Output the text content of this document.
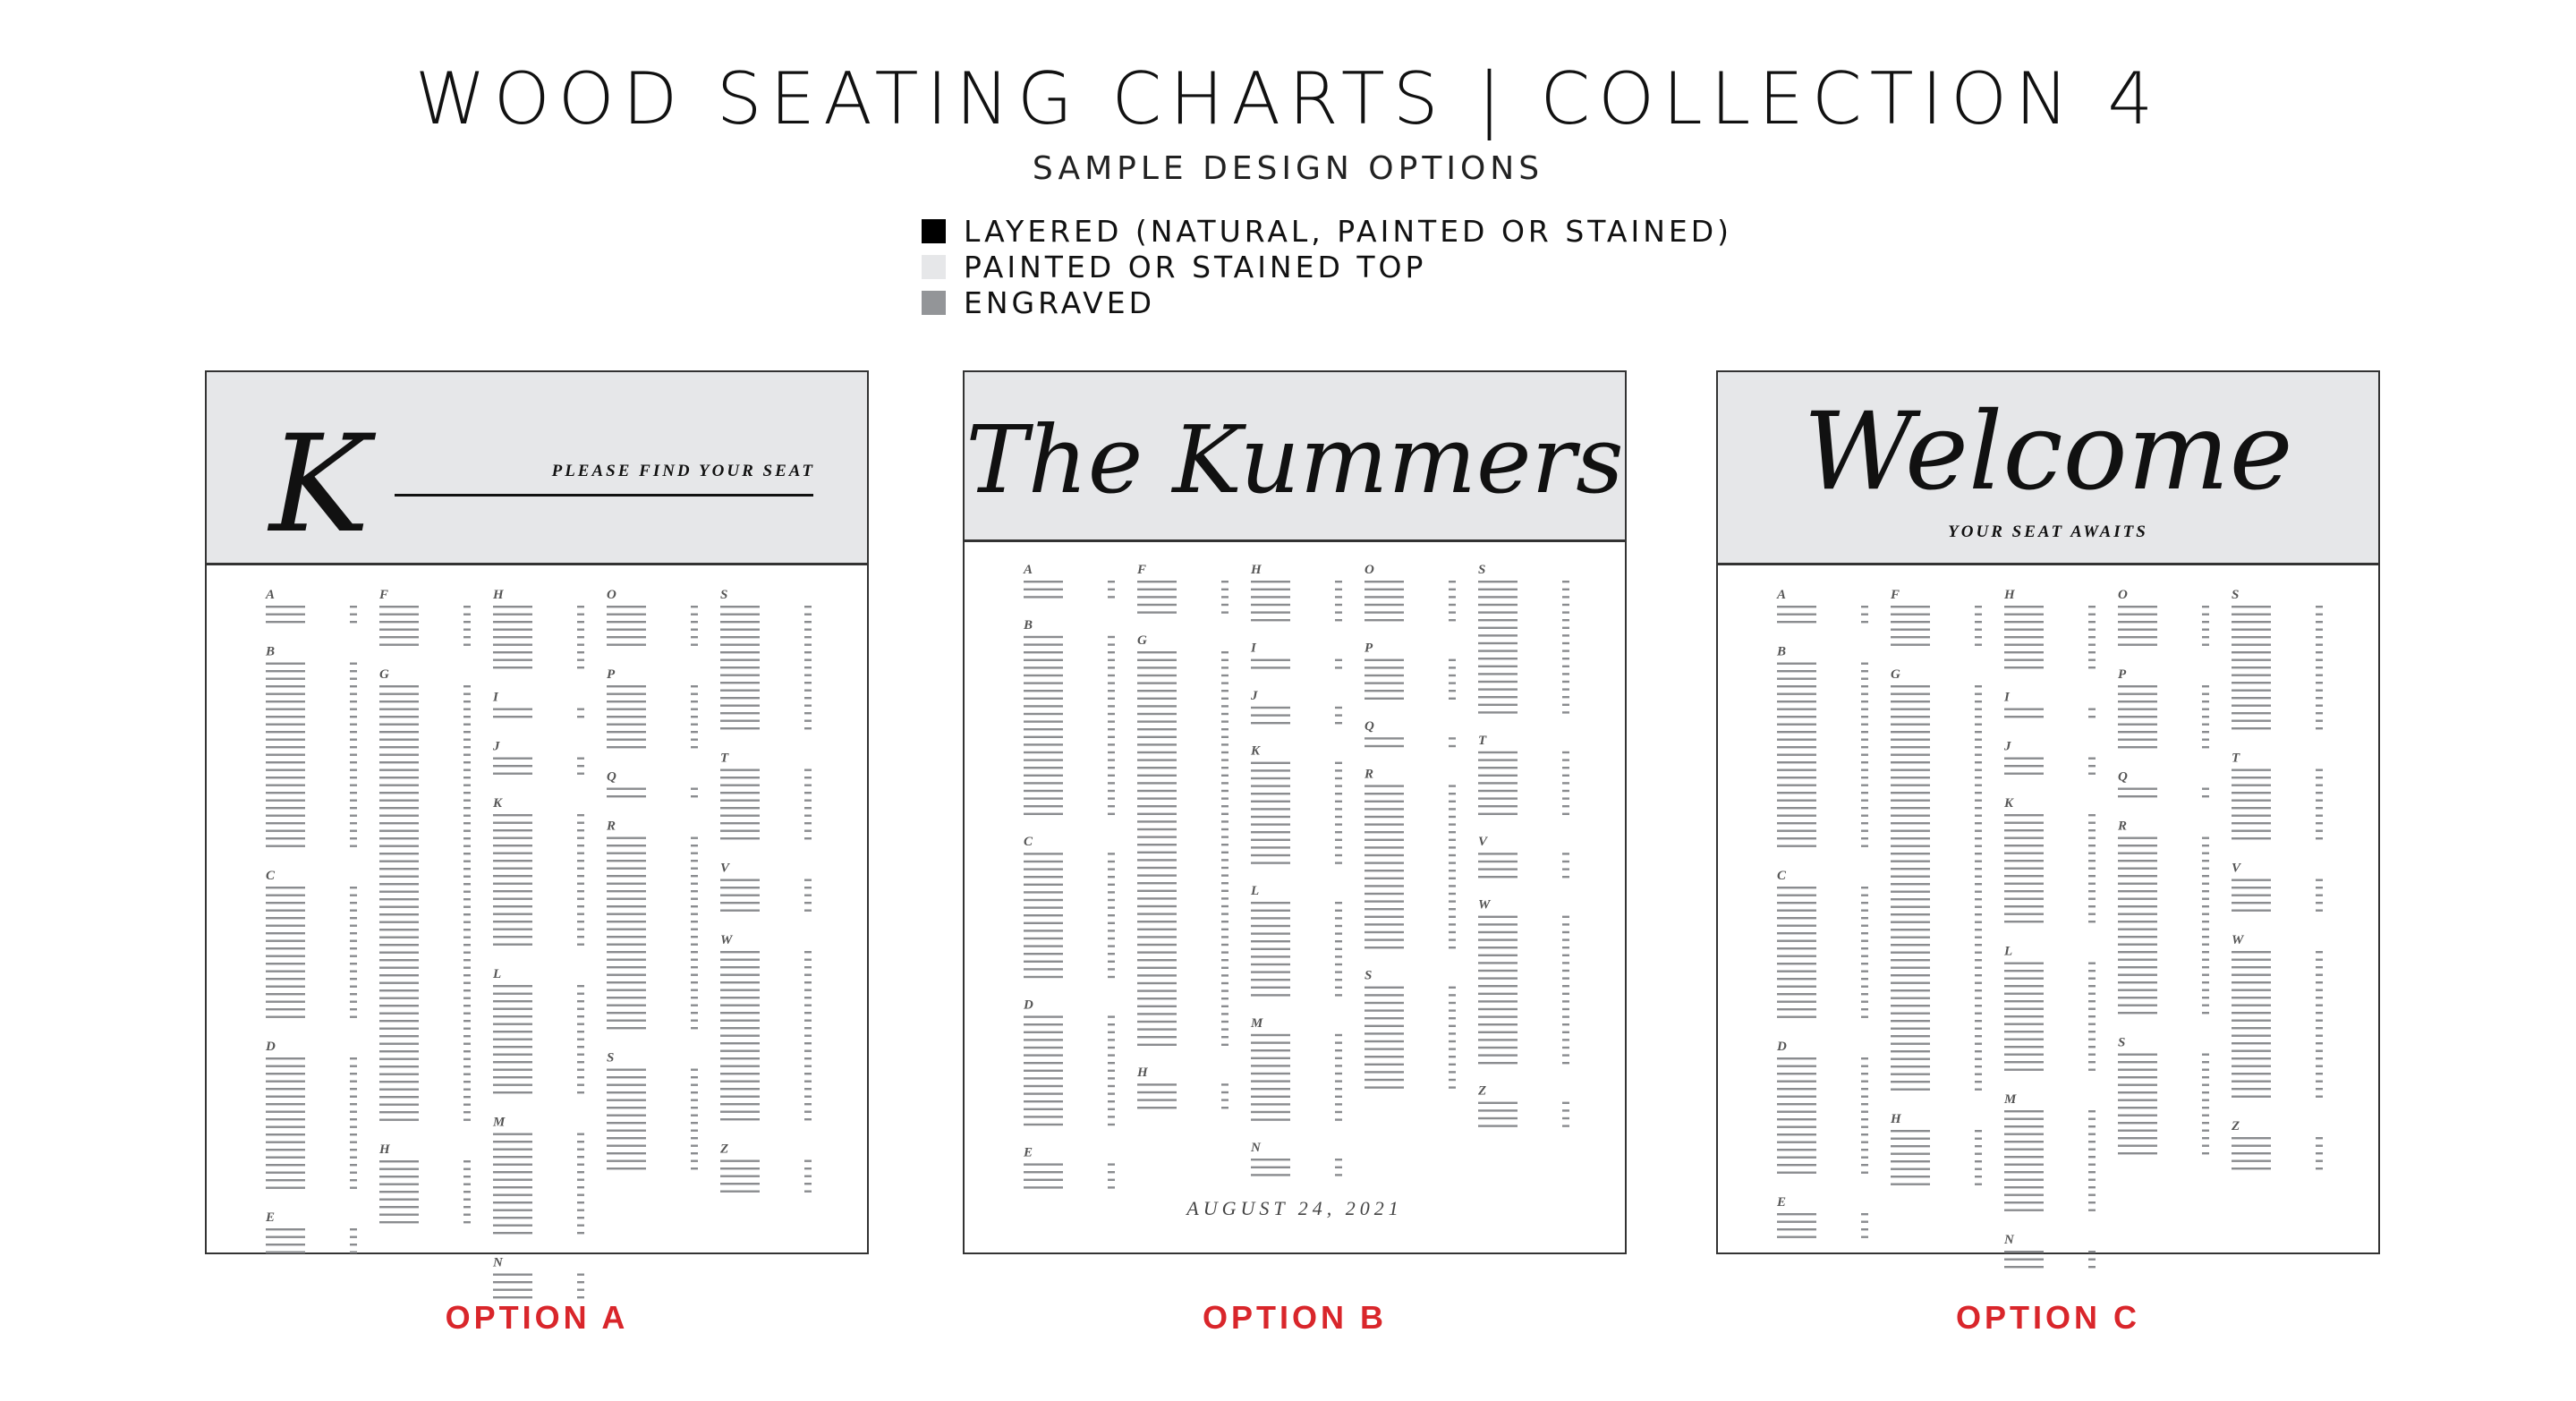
WOOD SEATING CHARTS | COLLECTION 4
SAMPLE DESIGN OPTIONS
LAYERED (NATURAL, PAINTED OR STAINED)
PAINTED OR STAINED TOP
ENGRAVED
K	PLEASE FIND YOUR SEAT
A
B
C
D
E
F
G
H
H
I
J
K
L
M
N
O
P
Q
R
S
S
T
V
W
Z
The Kummers
A
B
C
D
E
F
G
H
H
I
J
K
L
M
N
O
P
Q
R
S
S
T
V
W
Z
AUGUST 24, 2021
Welcome
YOUR SEAT AWAITS
A
B
C
D
E
F
G
H
H
I
J
K
L
M
N
O
P
Q
R
S
S
T
V
W
Z
OPTION A	OPTION B	OPTION C
